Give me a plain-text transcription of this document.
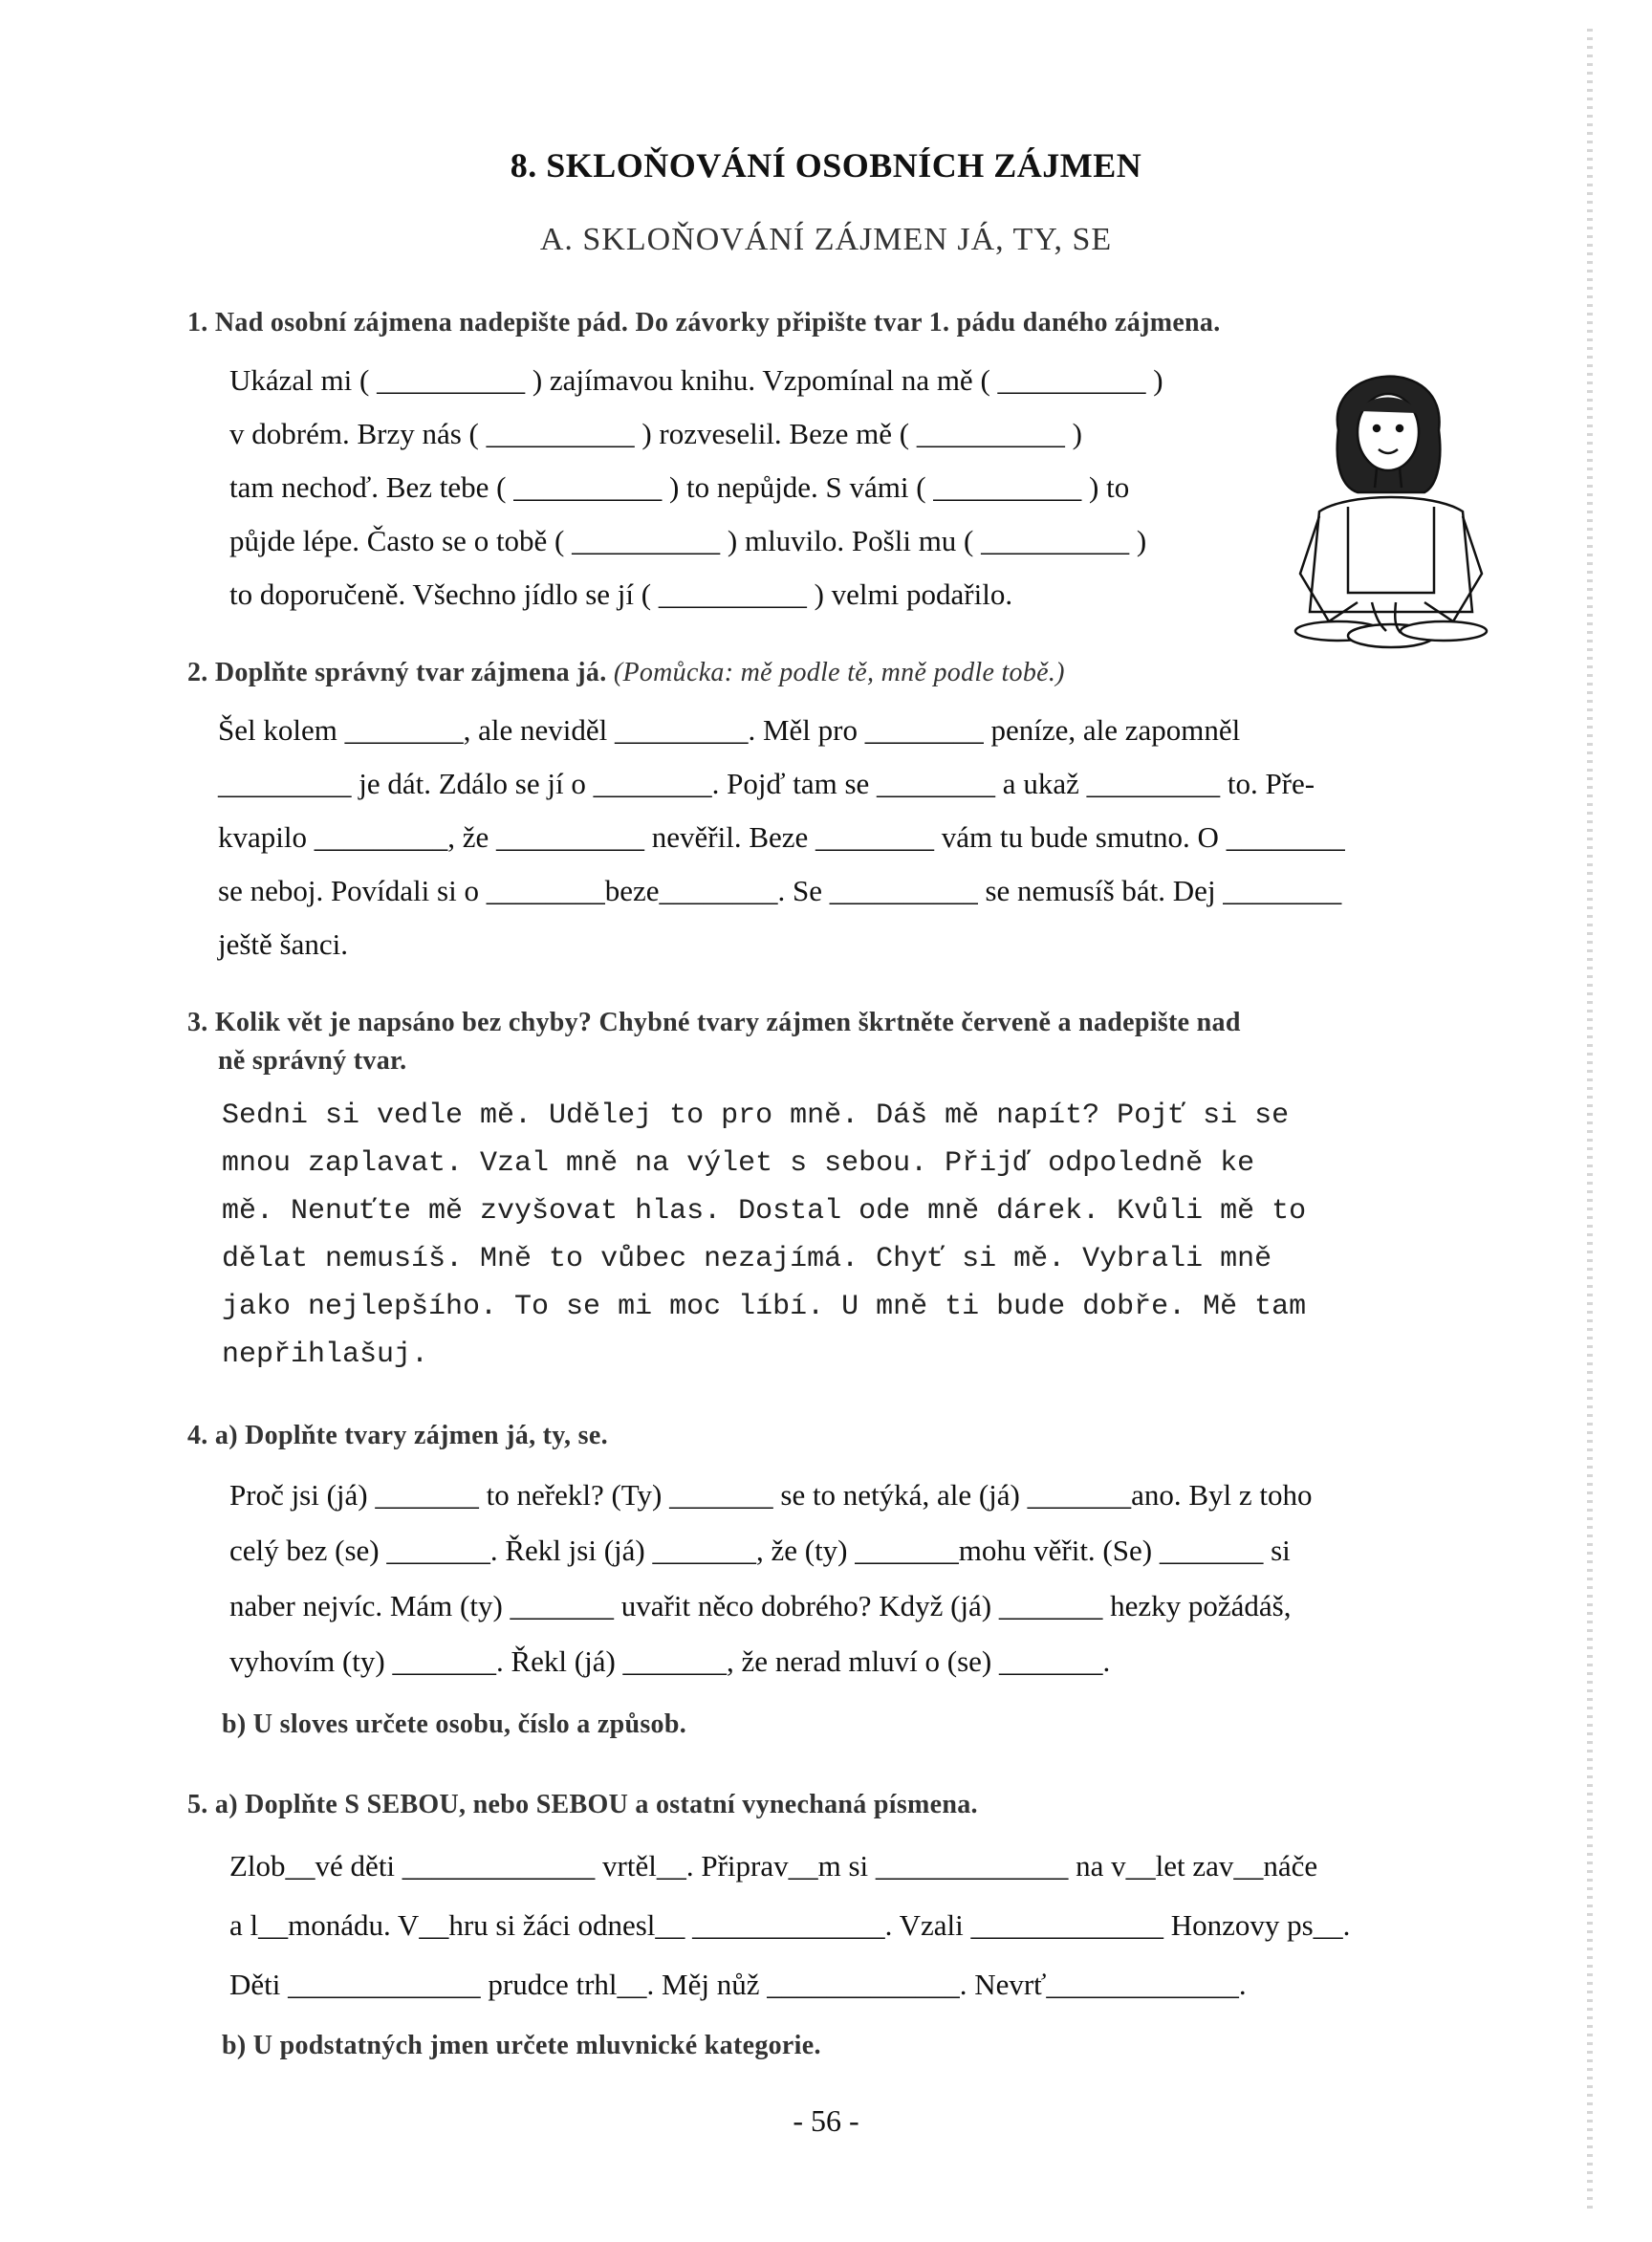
8. SKLOŇOVÁNÍ OSOBNÍCH ZÁJMEN
A. SKLOŇOVÁNÍ ZÁJMEN JÁ, TY, SE
1. Nad osobní zájmena nadepište pád. Do závorky připište tvar 1. pádu daného zájmena.
Ukázal mi ( __________ ) zajímavou knihu. Vzpomínal na mě ( __________ )
v dobrém. Brzy nás ( __________ ) rozveselil. Beze mě ( __________ )
tam nechoď. Bez tebe ( __________ ) to nepůjde. S vámi ( __________ ) to
půjde lépe. Často se o tobě ( __________ ) mluvilo. Pošli mu ( __________ )
to doporučeně. Všechno jídlo se jí ( __________ ) velmi podařilo.
2. Doplňte správný tvar zájmena já. (Pomůcka: mě podle tě, mně podle tobě.)
Šel kolem ________, ale neviděl _________. Měl pro ________ peníze, ale zapomněl
_________ je dát. Zdálo se jí o ________. Pojď tam se ________ a ukaž _________ to. Pře-
kvapilo _________, že __________ nevěřil. Beze ________ vám tu bude smutno. O ________
se neboj. Povídali si o ________beze________. Se __________ se nemusíš bát. Dej ________
ještě šanci.
3. Kolik vět je napsáno bez chyby? Chybné tvary zájmen škrtněte červeně a nadepište nad
ně správný tvar.
Sedni si vedle mě. Udělej to pro mně. Dáš mě napít? Pojť si se
mnou zaplavat. Vzal mně na výlet s sebou. Přijď odpoledně ke
mě. Nenuťte mě zvyšovat hlas. Dostal ode mně dárek. Kvůli mě to
dělat nemusíš. Mně to vůbec nezajímá. Chyť si mě. Vybrali mně
jako nejlepšího. To se mi moc líbí. U mně ti bude dobře. Mě tam
nepřihlašuj.
4. a) Doplňte tvary zájmen já, ty, se.
Proč jsi (já) _______ to neřekl? (Ty) _______ se to netýká, ale (já) _______ano. Byl z toho
celý bez (se) _______. Řekl jsi (já) _______, že (ty) _______mohu věřit. (Se) _______ si
naber nejvíc. Mám (ty) _______ uvařit něco dobrého? Když (já) _______ hezky požádáš,
vyhovím (ty) _______. Řekl (já) _______, že nerad mluví o (se) _______.
b) U sloves určete osobu, číslo a způsob.
5. a) Doplňte S SEBOU, nebo SEBOU a ostatní vynechaná písmena.
Zlob__vé děti _____________ vrtěl__. Připrav__m si _____________ na v__let zav__náče
a l__monádu. V__hru si žáci odnesl__ _____________. Vzali _____________ Honzovy ps__.
Děti _____________ prudce trhl__. Měj nůž _____________. Nevrť_____________.
b) U podstatných jmen určete mluvnické kategorie.
- 56 -
